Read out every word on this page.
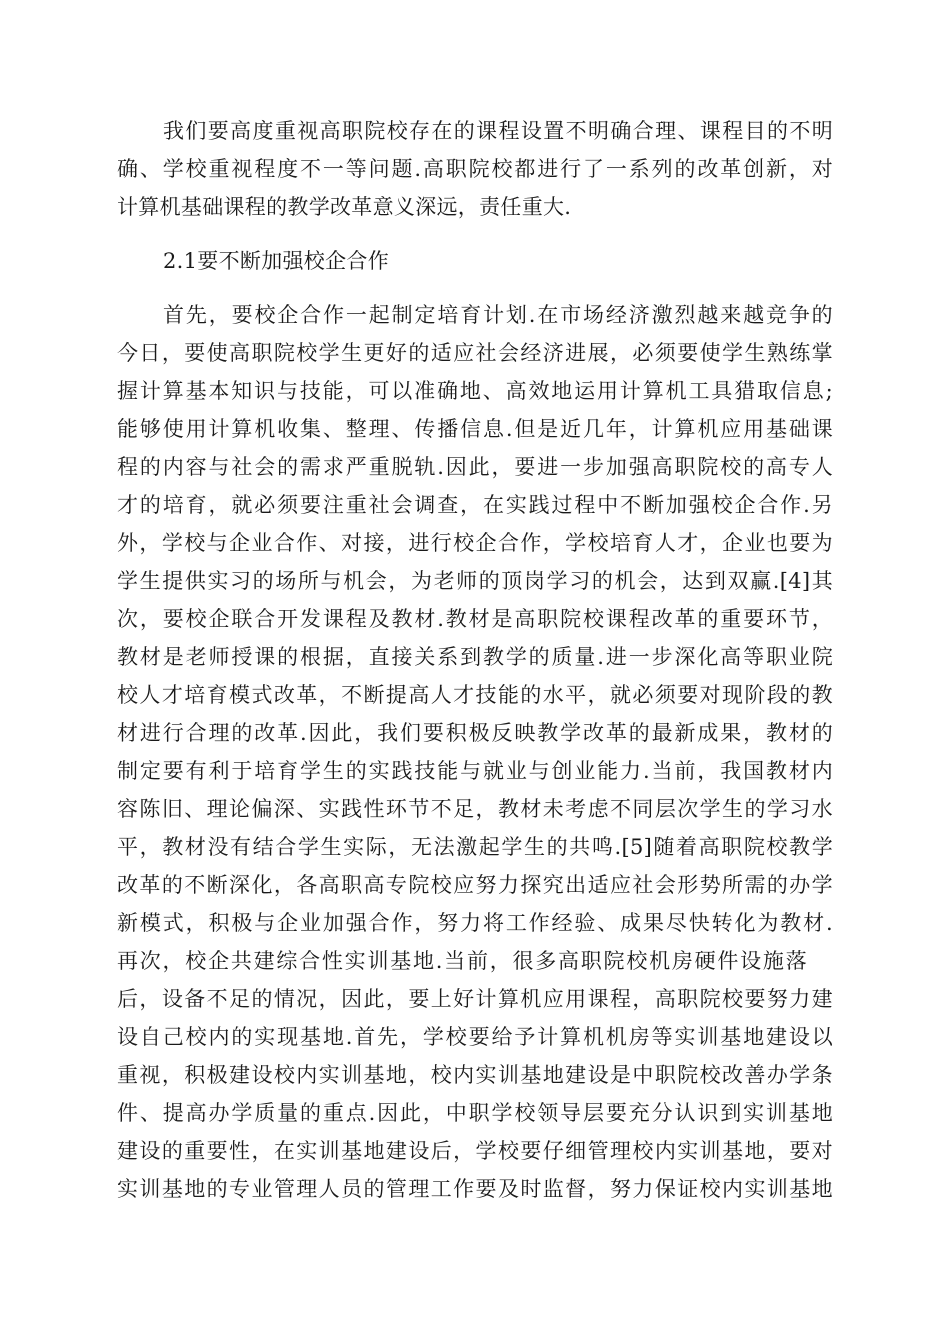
我们要高度重视高职院校存在的课程设置不明确合理、课程目的不明
确、学校重视程度不一等问题.高职院校都进行了一系列的改革创新，对
计算机基础课程的教学改革意义深远，责任重大.
2.1要不断加强校企合作
首先，要校企合作一起制定培育计划.在市场经济激烈越来越竞争的
今日，要使高职院校学生更好的适应社会经济进展，必须要使学生熟练掌
握计算基本知识与技能，可以准确地、高效地运用计算机工具猎取信息;
能够使用计算机收集、整理、传播信息.但是近几年，计算机应用基础课
程的内容与社会的需求严重脱轨.因此，要进一步加强高职院校的高专人
才的培育，就必须要注重社会调查，在实践过程中不断加强校企合作.另
外，学校与企业合作、对接，进行校企合作，学校培育人才，企业也要为
学生提供实习的场所与机会，为老师的顶岗学习的机会，达到双赢.[4]其
次，要校企联合开发课程及教材.教材是高职院校课程改革的重要环节，
教材是老师授课的根据，直接关系到教学的质量.进一步深化高等职业院
校人才培育模式改革，不断提高人才技能的水平，就必须要对现阶段的教
材进行合理的改革.因此，我们要积极反映教学改革的最新成果，教材的
制定要有利于培育学生的实践技能与就业与创业能力.当前，我国教材内
容陈旧、理论偏深、实践性环节不足，教材未考虑不同层次学生的学习水
平，教材没有结合学生实际，无法激起学生的共鸣.[5]随着高职院校教学
改革的不断深化，各高职高专院校应努力探究出适应社会形势所需的办学
新模式，积极与企业加强合作，努力将工作经验、成果尽快转化为教材.
再次，校企共建综合性实训基地.当前，很多高职院校机房硬件设施落
后，设备不足的情况，因此，要上好计算机应用课程，高职院校要努力建
设自己校内的实现基地.首先，学校要给予计算机机房等实训基地建设以
重视，积极建设校内实训基地，校内实训基地建设是中职院校改善办学条
件、提高办学质量的重点.因此，中职学校领导层要充分认识到实训基地
建设的重要性，在实训基地建设后，学校要仔细管理校内实训基地，要对
实训基地的专业管理人员的管理工作要及时监督，努力保证校内实训基地
